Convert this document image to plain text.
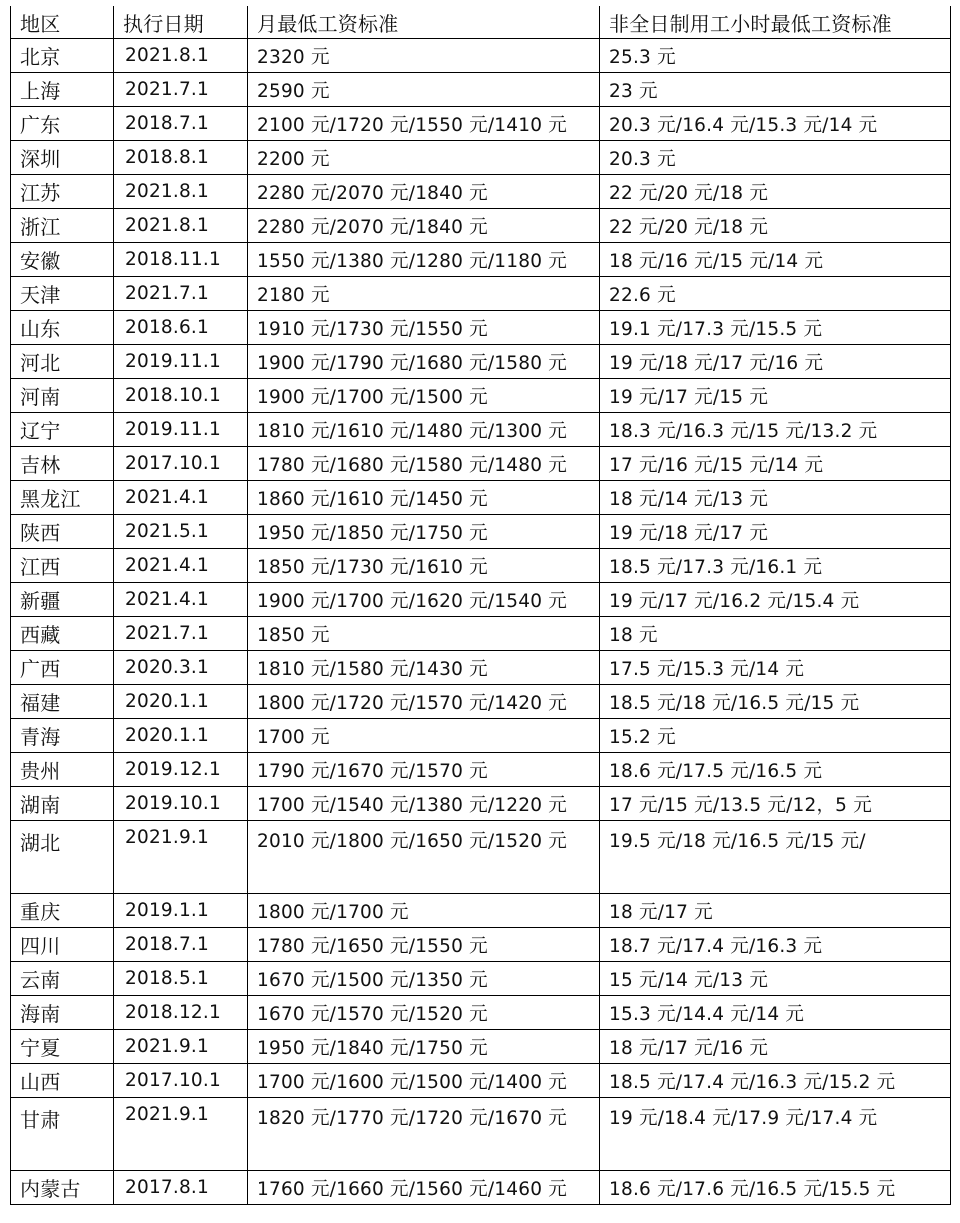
地区	执行日期	月最低工资标准	非全日制用工小时最低工资标准
北京	2021.8.1	2320 元	25.3 元
上海	2021.7.1	2590 元	23 元
广东	2018.7.1	2100 元/1720 元/1550 元/1410 元	20.3 元/16.4 元/15.3 元/14 元
深圳	2018.8.1	2200 元	20.3 元
江苏	2021.8.1	2280 元/2070 元/1840 元	22 元/20 元/18 元
浙江	2021.8.1	2280 元/2070 元/1840 元	22 元/20 元/18 元
安徽	2018.11.1	1550 元/1380 元/1280 元/1180 元	18 元/16 元/15 元/14 元
天津	2021.7.1	2180 元	22.6 元
山东	2018.6.1	1910 元/1730 元/1550 元	19.1 元/17.3 元/15.5 元
河北	2019.11.1	1900 元/1790 元/1680 元/1580 元	19 元/18 元/17 元/16 元
河南	2018.10.1	1900 元/1700 元/1500 元	19 元/17 元/15 元
辽宁	2019.11.1	1810 元/1610 元/1480 元/1300 元	18.3 元/16.3 元/15 元/13.2 元
吉林	2017.10.1	1780 元/1680 元/1580 元/1480 元	17 元/16 元/15 元/14 元
黑龙江	2021.4.1	1860 元/1610 元/1450 元	18 元/14 元/13 元
陕西	2021.5.1	1950 元/1850 元/1750 元	19 元/18 元/17 元
江西	2021.4.1	1850 元/1730 元/1610 元	18.5 元/17.3 元/16.1 元
新疆	2021.4.1	1900 元/1700 元/1620 元/1540 元	19 元/17 元/16.2 元/15.4 元
西藏	2021.7.1	1850 元	18 元
广西	2020.3.1	1810 元/1580 元/1430 元	17.5 元/15.3 元/14 元
福建	2020.1.1	1800 元/1720 元/1570 元/1420 元	18.5 元/18 元/16.5 元/15 元
青海	2020.1.1	1700 元	15.2 元
贵州	2019.12.1	1790 元/1670 元/1570 元	18.6 元/17.5 元/16.5 元
湖南	2019.10.1	1700 元/1540 元/1380 元/1220 元	17 元/15 元/13.5 元/12，5 元
湖北	2021.9.1	2010 元/1800 元/1650 元/1520 元	19.5 元/18 元/16.5 元/15 元/
重庆	2019.1.1	1800 元/1700 元	18 元/17 元
四川	2018.7.1	1780 元/1650 元/1550 元	18.7 元/17.4 元/16.3 元
云南	2018.5.1	1670 元/1500 元/1350 元	15 元/14 元/13 元
海南	2018.12.1	1670 元/1570 元/1520 元	15.3 元/14.4 元/14 元
宁夏	2021.9.1	1950 元/1840 元/1750 元	18 元/17 元/16 元
山西	2017.10.1	1700 元/1600 元/1500 元/1400 元	18.5 元/17.4 元/16.3 元/15.2 元
甘肃	2021.9.1	1820 元/1770 元/1720 元/1670 元	19 元/18.4 元/17.9 元/17.4 元
内蒙古	2017.8.1	1760 元/1660 元/1560 元/1460 元	18.6 元/17.6 元/16.5 元/15.5 元
